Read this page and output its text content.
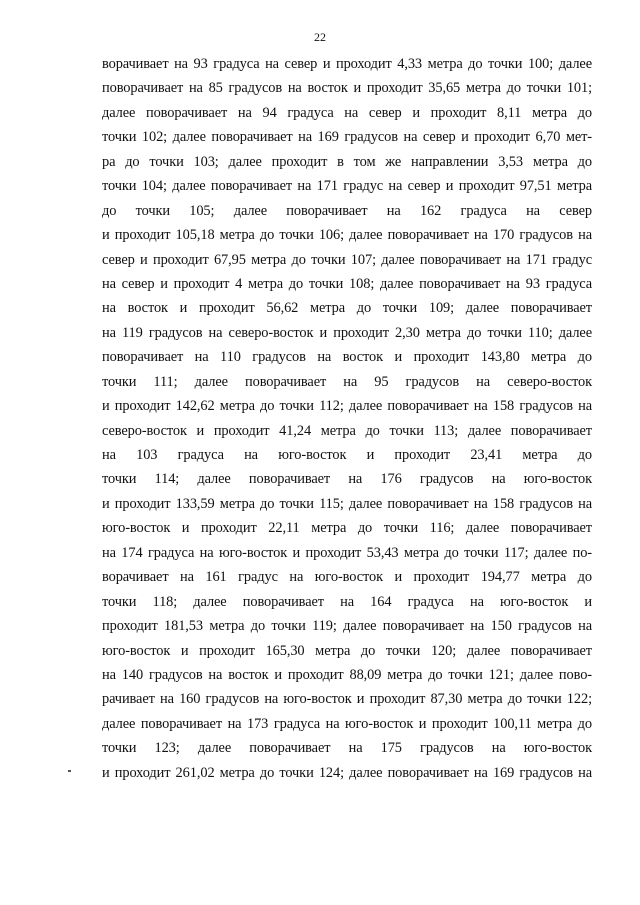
22
ворачивает на 93 градуса на север и проходит 4,33 метра до точки 100; далее
поворачивает на 85 градусов на восток и проходит 35,65 метра до точки 101;
далее поворачивает на 94 градуса на север и проходит 8,11 метра до
точки 102; далее поворачивает на 169 градусов на север и проходит 6,70 мет-
ра до точки 103; далее проходит в том же направлении 3,53 метра до
точки 104; далее поворачивает на 171 градус на север и проходит 97,51 метра
до точки 105; далее поворачивает на 162 градуса на север
и проходит 105,18 метра до точки 106; далее поворачивает на 170 градусов на
север и проходит 67,95 метра до точки 107; далее поворачивает на 171 градус
на север и проходит 4 метра до точки 108; далее поворачивает на 93 градуса
на восток и проходит 56,62 метра до точки 109; далее поворачивает
на 119 градусов на северо-восток и проходит 2,30 метра до точки 110; далее
поворачивает на 110 градусов на восток и проходит 143,80 метра до
точки 111; далее поворачивает на 95 градусов на северо-восток
и проходит 142,62 метра до точки 112; далее поворачивает на 158 градусов на
северо-восток и проходит 41,24 метра до точки 113; далее поворачивает
на 103 градуса на юго-восток и проходит 23,41 метра до
точки 114; далее поворачивает на 176 градусов на юго-восток
и проходит 133,59 метра до точки 115; далее поворачивает на 158 градусов на
юго-восток и проходит 22,11 метра до точки 116; далее поворачивает
на 174 градуса на юго-восток и проходит 53,43 метра до точки 117; далее по-
ворачивает на 161 градус на юго-восток и проходит 194,77 метра до
точки 118; далее поворачивает на 164 градуса на юго-восток и
проходит 181,53 метра до точки 119; далее поворачивает на 150 градусов на
юго-восток и проходит 165,30 метра до точки 120; далее поворачивает
на 140 градусов на восток и проходит 88,09 метра до точки 121; далее пово-
рачивает на 160 градусов на юго-восток и проходит 87,30 метра до точки 122;
далее поворачивает на 173 градуса на юго-восток и проходит 100,11 метра до
точки 123; далее поворачивает на 175 градусов на юго-восток
и проходит 261,02 метра до точки 124; далее поворачивает на 169 градусов на
